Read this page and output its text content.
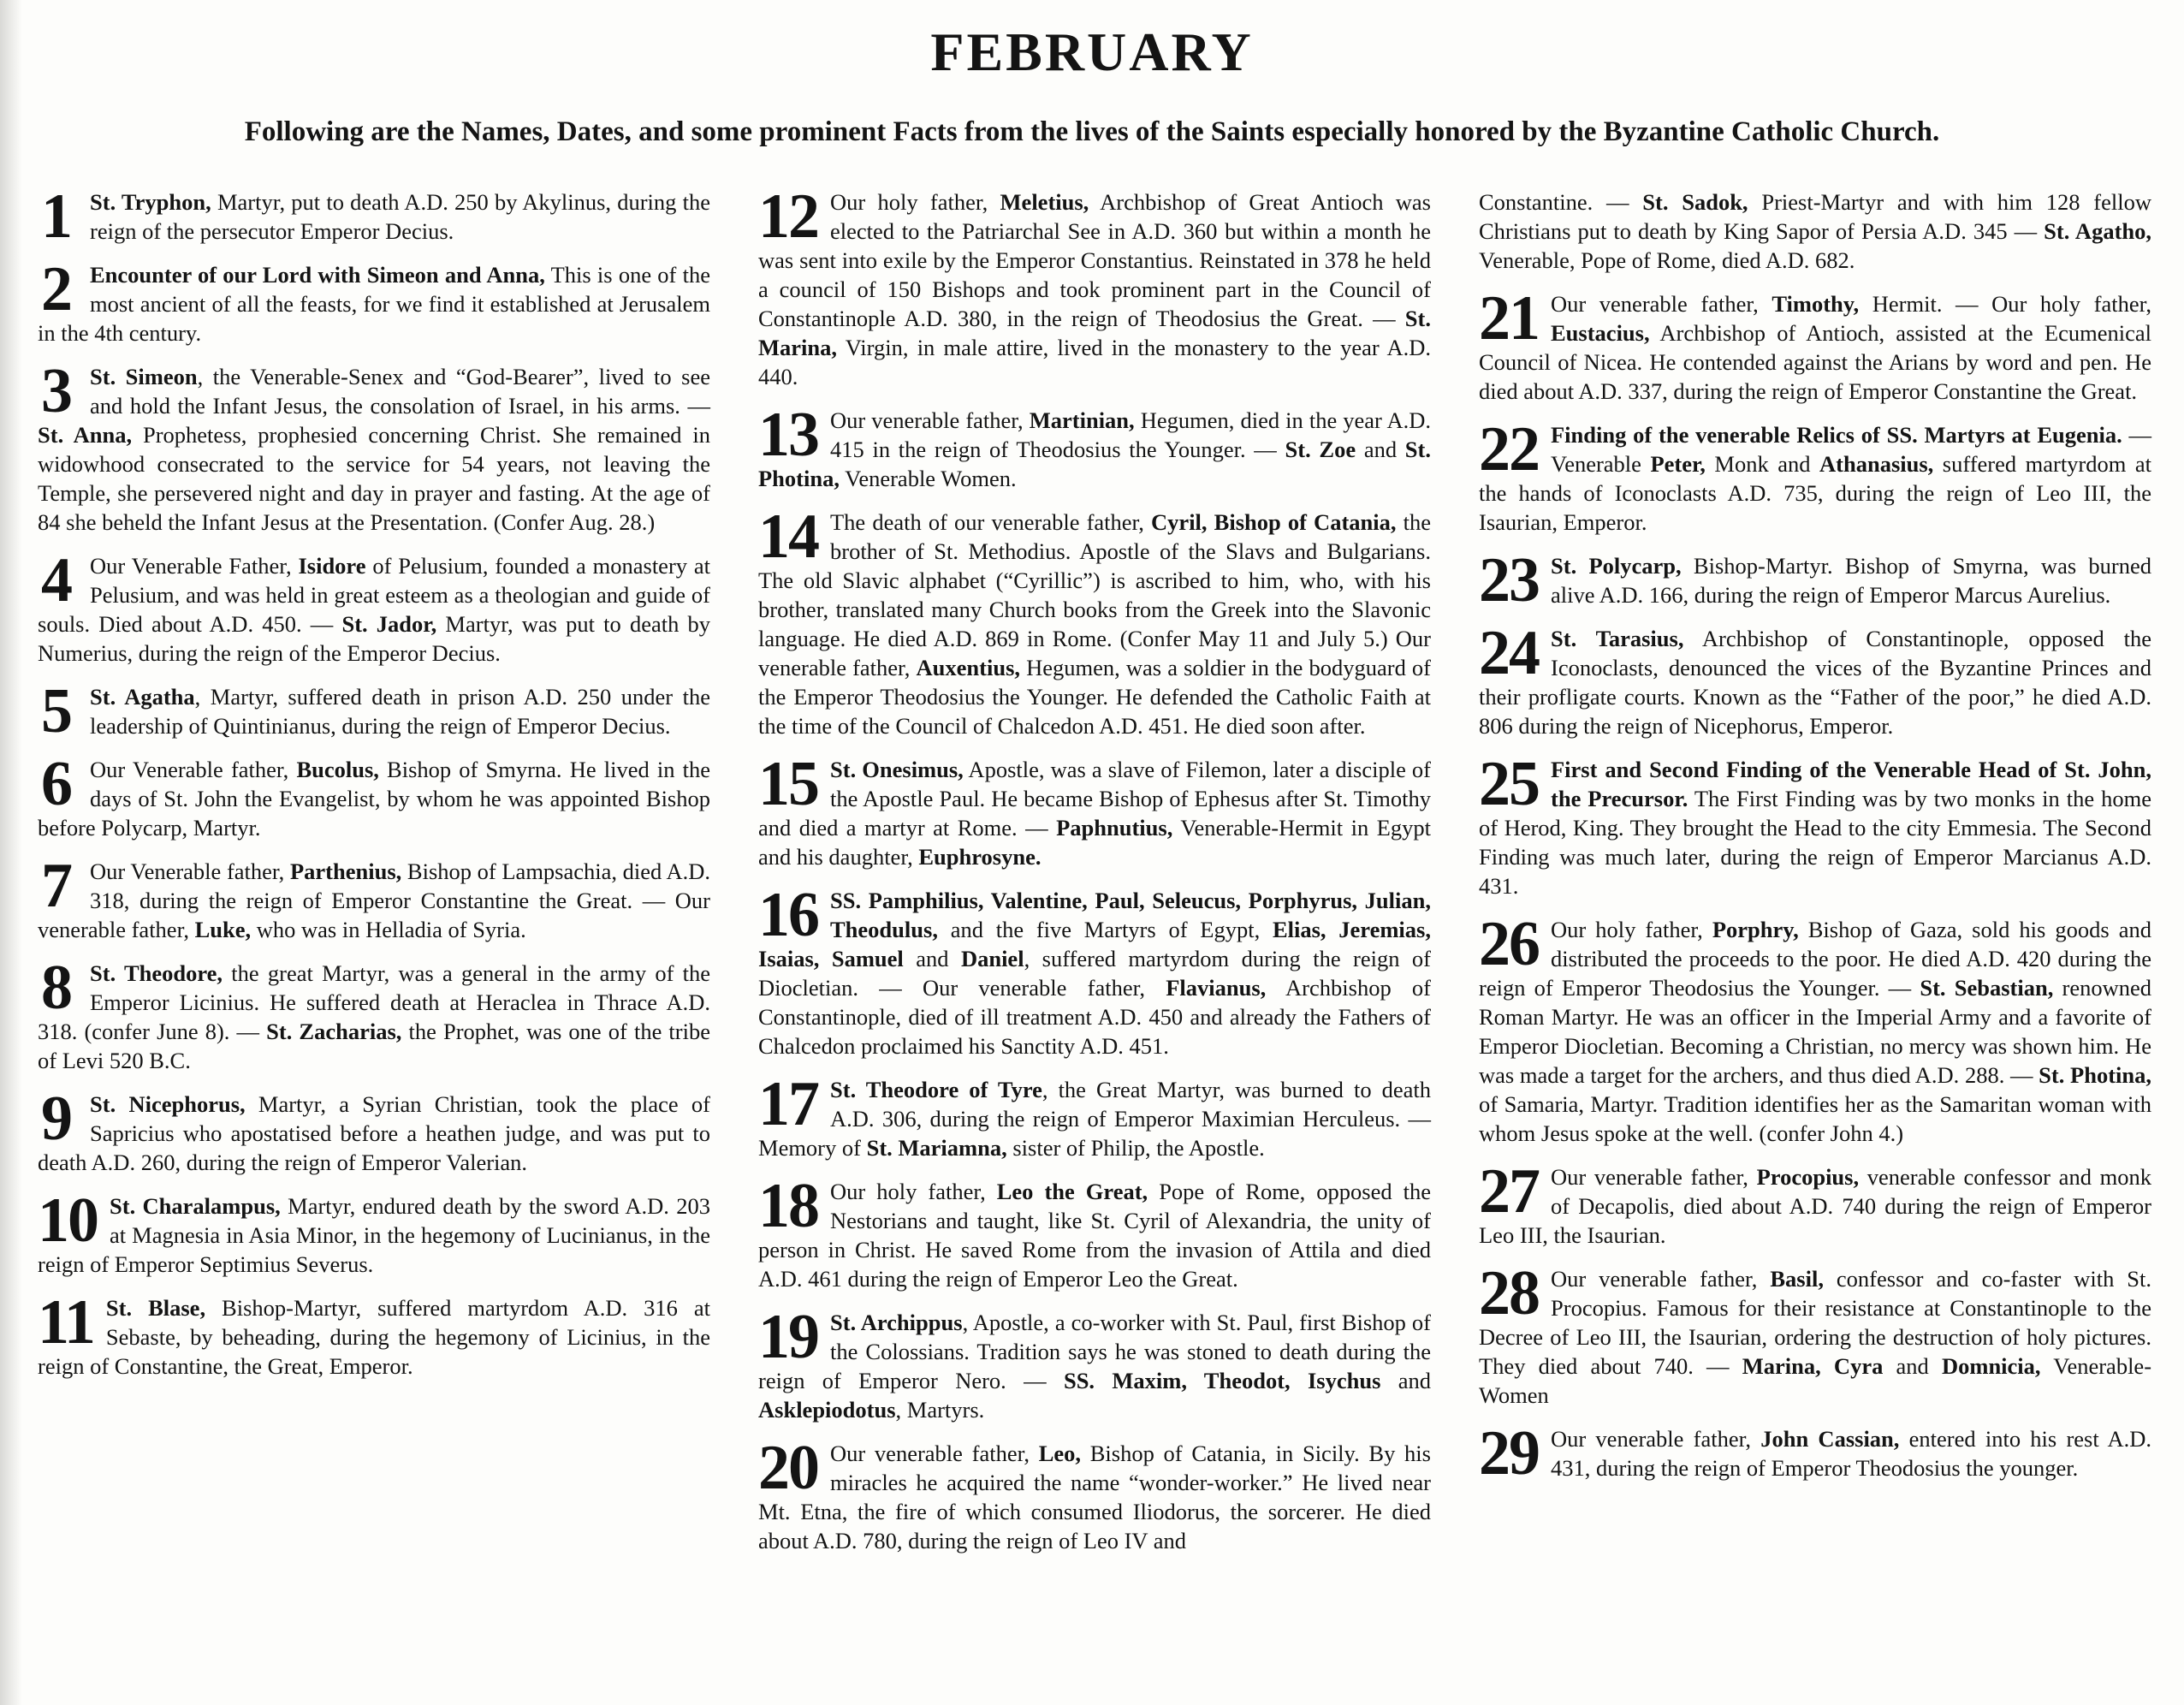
FEBRUARY
Following are the Names, Dates, and some prominent Facts from the lives of the Saints especially honored by the Byzantine Catholic Church.
1 St. Tryphon, Martyr, put to death A.D. 250 by Akylinus, during the reign of the persecutor Emperor Decius.
2 Encounter of our Lord with Simeon and Anna, This is one of the most ancient of all the feasts, for we find it established at Jerusalem in the 4th century.
3 St. Simeon, the Venerable-Senex and “God-Bearer”, lived to see and hold the Infant Jesus, the consolation of Israel, in his arms. — St. Anna, Prophetess, prophesied concerning Christ. She remained in widowhood consecrated to the service for 54 years, not leaving the Temple, she persevered night and day in prayer and fasting. At the age of 84 she beheld the Infant Jesus at the Presentation. (Confer Aug. 28.)
4 Our Venerable Father, Isidore of Pelusium, founded a monastery at Pelusium, and was held in great esteem as a theologian and guide of souls. Died about A.D. 450. — St. Jador, Martyr, was put to death by Numerius, during the reign of the Emperor Decius.
5 St. Agatha, Martyr, suffered death in prison A.D. 250 under the leadership of Quintinianus, during the reign of Emperor Decius.
6 Our Venerable father, Bucolus, Bishop of Smyrna. He lived in the days of St. John the Evangelist, by whom he was appointed Bishop before Polycarp, Martyr.
7 Our Venerable father, Parthenius, Bishop of Lampsachia, died A.D. 318, during the reign of Emperor Constantine the Great. — Our venerable father, Luke, who was in Helladia of Syria.
8 St. Theodore, the great Martyr, was a general in the army of the Emperor Licinius. He suffered death at Heraclea in Thrace A.D. 318. (confer June 8). — St. Zacharias, the Prophet, was one of the tribe of Levi 520 B.C.
9 St. Nicephorus, Martyr, a Syrian Christian, took the place of Sapricius who apostatised before a heathen judge, and was put to death A.D. 260, during the reign of Emperor Valerian.
10 St. Charalampus, Martyr, endured death by the sword A.D. 203 at Magnesia in Asia Minor, in the hegemony of Lucinianus, in the reign of Emperor Septimius Severus.
11 St. Blase, Bishop-Martyr, suffered martyrdom A.D. 316 at Sebaste, by beheading, during the hegemony of Licinius, in the reign of Constantine, the Great, Emperor.
12 Our holy father, Meletius, Archbishop of Great Antioch was elected to the Patriarchal See in A.D. 360 but within a month he was sent into exile by the Emperor Constantius. Reinstated in 378 he held a council of 150 Bishops and took prominent part in the Council of Constantinople A.D. 380, in the reign of Theodosius the Great. — St. Marina, Virgin, in male attire, lived in the monastery to the year A.D. 440.
13 Our venerable father, Martinian, Hegumen, died in the year A.D. 415 in the reign of Theodosius the Younger. — St. Zoe and St. Photina, Venerable Women.
14 The death of our venerable father, Cyril, Bishop of Catania, the brother of St. Methodius. Apostle of the Slavs and Bulgarians. The old Slavic alphabet (“Cyrillic”) is ascribed to him, who, with his brother, translated many Church books from the Greek into the Slavonic language. He died A.D. 869 in Rome. (Confer May 11 and July 5.) Our venerable father, Auxentius, Hegumen, was a soldier in the bodyguard of the Emperor Theodosius the Younger. He defended the Catholic Faith at the time of the Council of Chalcedon A.D. 451. He died soon after.
15 St. Onesimus, Apostle, was a slave of Filemon, later a disciple of the Apostle Paul. He became Bishop of Ephesus after St. Timothy and died a martyr at Rome. — Paphnutius, Venerable-Hermit in Egypt and his daughter, Euphrosyne.
16 SS. Pamphilius, Valentine, Paul, Seleucus, Porphyrus, Julian, Theodulus, and the five Martyrs of Egypt, Elias, Jeremias, Isaias, Samuel and Daniel, suffered martyrdom during the reign of Diocletian. — Our venerable father, Flavianus, Archbishop of Constantinople, died of ill treatment A.D. 450 and already the Fathers of Chalcedon proclaimed his Sanctity A.D. 451.
17 St. Theodore of Tyre, the Great Martyr, was burned to death A.D. 306, during the reign of Emperor Maximian Herculeus. — Memory of St. Mariamna, sister of Philip, the Apostle.
18 Our holy father, Leo the Great, Pope of Rome, opposed the Nestorians and taught, like St. Cyril of Alexandria, the unity of person in Christ. He saved Rome from the invasion of Attila and died A.D. 461 during the reign of Emperor Leo the Great.
19 St. Archippus, Apostle, a co-worker with St. Paul, first Bishop of the Colossians. Tradition says he was stoned to death during the reign of Emperor Nero. — SS. Maxim, Theodot, Isychus and Asklepiodotus, Martyrs.
20 Our venerable father, Leo, Bishop of Catania, in Sicily. By his miracles he acquired the name “wonder-worker.” He lived near Mt. Etna, the fire of which consumed Iliodorus, the sorcerer. He died about A.D. 780, during the reign of Leo IV and
Constantine. — St. Sadok, Priest-Martyr and with him 128 fellow Christians put to death by King Sapor of Persia A.D. 345 — St. Agatho, Venerable, Pope of Rome, died A.D. 682.
21 Our venerable father, Timothy, Hermit. — Our holy father, Eustacius, Archbishop of Antioch, assisted at the Ecumenical Council of Nicea. He contended against the Arians by word and pen. He died about A.D. 337, during the reign of Emperor Constantine the Great.
22 Finding of the venerable Relics of SS. Martyrs at Eugenia. —Venerable Peter, Monk and Athanasius, suffered martyrdom at the hands of Iconoclasts A.D. 735, during the reign of Leo III, the Isaurian, Emperor.
23 St. Polycarp, Bishop-Martyr. Bishop of Smyrna, was burned alive A.D. 166, during the reign of Emperor Marcus Aurelius.
24 St. Tarasius, Archbishop of Constantinople, opposed the Iconoclasts, denounced the vices of the Byzantine Princes and their profligate courts. Known as the “Father of the poor,” he died A.D. 806 during the reign of Nicephorus, Emperor.
25 First and Second Finding of the Venerable Head of St. John, the Precursor. The First Finding was by two monks in the home of Herod, King. They brought the Head to the city Emmesia. The Second Finding was much later, during the reign of Emperor Marcianus A.D. 431.
26 Our holy father, Porphry, Bishop of Gaza, sold his goods and distributed the proceeds to the poor. He died A.D. 420 during the reign of Emperor Theodosius the Younger. — St. Sebastian, renowned Roman Martyr. He was an officer in the Imperial Army and a favorite of Emperor Diocletian. Becoming a Christian, no mercy was shown him. He was made a target for the archers, and thus died A.D. 288. — St. Photina, of Samaria, Martyr. Tradition identifies her as the Samaritan woman with whom Jesus spoke at the well. (confer John 4.)
27 Our venerable father, Procopius, venerable confessor and monk of Decapolis, died about A.D. 740 during the reign of Emperor Leo III, the Isaurian.
28 Our venerable father, Basil, confessor and co-faster with St. Procopius. Famous for their resistance at Constantinople to the Decree of Leo III, the Isaurian, ordering the destruction of holy pictures. They died about 740. — Marina, Cyra and Domnicia, Venerable-Women
29 Our venerable father, John Cassian, entered into his rest A.D. 431, during the reign of Emperor Theodosius the younger.
